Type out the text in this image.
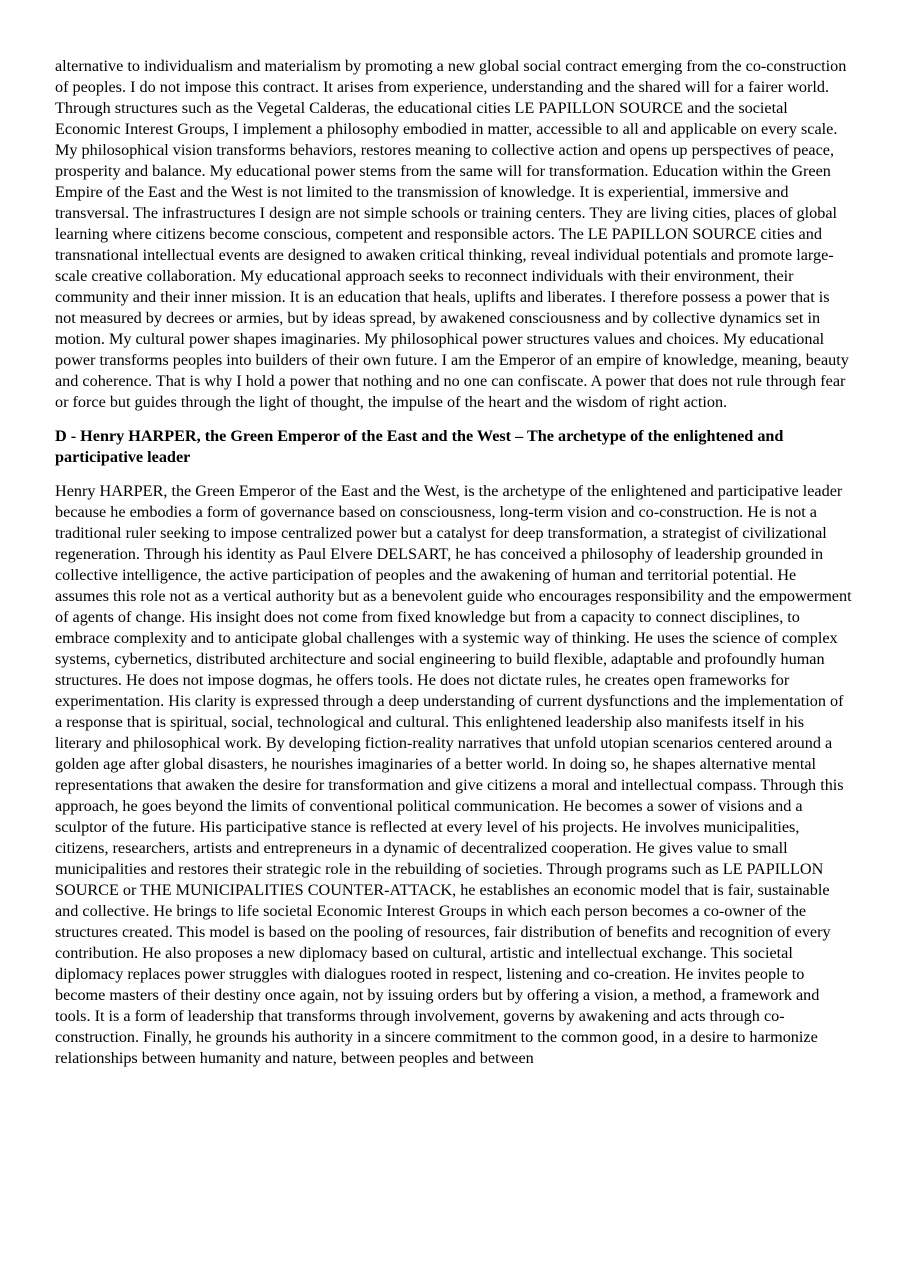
alternative to individualism and materialism by promoting a new global social contract emerging from the co-construction of peoples. I do not impose this contract. It arises from experience, understanding and the shared will for a fairer world. Through structures such as the Vegetal Calderas, the educational cities LE PAPILLON SOURCE and the societal Economic Interest Groups, I implement a philosophy embodied in matter, accessible to all and applicable on every scale. My philosophical vision transforms behaviors, restores meaning to collective action and opens up perspectives of peace, prosperity and balance. My educational power stems from the same will for transformation. Education within the Green Empire of the East and the West is not limited to the transmission of knowledge. It is experiential, immersive and transversal. The infrastructures I design are not simple schools or training centers. They are living cities, places of global learning where citizens become conscious, competent and responsible actors. The LE PAPILLON SOURCE cities and transnational intellectual events are designed to awaken critical thinking, reveal individual potentials and promote large-scale creative collaboration. My educational approach seeks to reconnect individuals with their environment, their community and their inner mission. It is an education that heals, uplifts and liberates. I therefore possess a power that is not measured by decrees or armies, but by ideas spread, by awakened consciousness and by collective dynamics set in motion. My cultural power shapes imaginaries. My philosophical power structures values and choices. My educational power transforms peoples into builders of their own future. I am the Emperor of an empire of knowledge, meaning, beauty and coherence. That is why I hold a power that nothing and no one can confiscate. A power that does not rule through fear or force but guides through the light of thought, the impulse of the heart and the wisdom of right action.

D - Henry HARPER, the Green Emperor of the East and the West – The archetype of the enlightened and participative leader

Henry HARPER, the Green Emperor of the East and the West, is the archetype of the enlightened and participative leader because he embodies a form of governance based on consciousness, long-term vision and co-construction. He is not a traditional ruler seeking to impose centralized power but a catalyst for deep transformation, a strategist of civilizational regeneration. Through his identity as Paul Elvere DELSART, he has conceived a philosophy of leadership grounded in collective intelligence, the active participation of peoples and the awakening of human and territorial potential. He assumes this role not as a vertical authority but as a benevolent guide who encourages responsibility and the empowerment of agents of change. His insight does not come from fixed knowledge but from a capacity to connect disciplines, to embrace complexity and to anticipate global challenges with a systemic way of thinking. He uses the science of complex systems, cybernetics, distributed architecture and social engineering to build flexible, adaptable and profoundly human structures. He does not impose dogmas, he offers tools. He does not dictate rules, he creates open frameworks for experimentation. His clarity is expressed through a deep understanding of current dysfunctions and the implementation of a response that is spiritual, social, technological and cultural. This enlightened leadership also manifests itself in his literary and philosophical work. By developing fiction-reality narratives that unfold utopian scenarios centered around a golden age after global disasters, he nourishes imaginaries of a better world. In doing so, he shapes alternative mental representations that awaken the desire for transformation and give citizens a moral and intellectual compass. Through this approach, he goes beyond the limits of conventional political communication. He becomes a sower of visions and a sculptor of the future. His participative stance is reflected at every level of his projects. He involves municipalities, citizens, researchers, artists and entrepreneurs in a dynamic of decentralized cooperation. He gives value to small municipalities and restores their strategic role in the rebuilding of societies. Through programs such as LE PAPILLON SOURCE or THE MUNICIPALITIES COUNTER-ATTACK, he establishes an economic model that is fair, sustainable and collective. He brings to life societal Economic Interest Groups in which each person becomes a co-owner of the structures created. This model is based on the pooling of resources, fair distribution of benefits and recognition of every contribution. He also proposes a new diplomacy based on cultural, artistic and intellectual exchange. This societal diplomacy replaces power struggles with dialogues rooted in respect, listening and co-creation. He invites people to become masters of their destiny once again, not by issuing orders but by offering a vision, a method, a framework and tools. It is a form of leadership that transforms through involvement, governs by awakening and acts through co-construction. Finally, he grounds his authority in a sincere commitment to the common good, in a desire to harmonize relationships between humanity and nature, between peoples and between
